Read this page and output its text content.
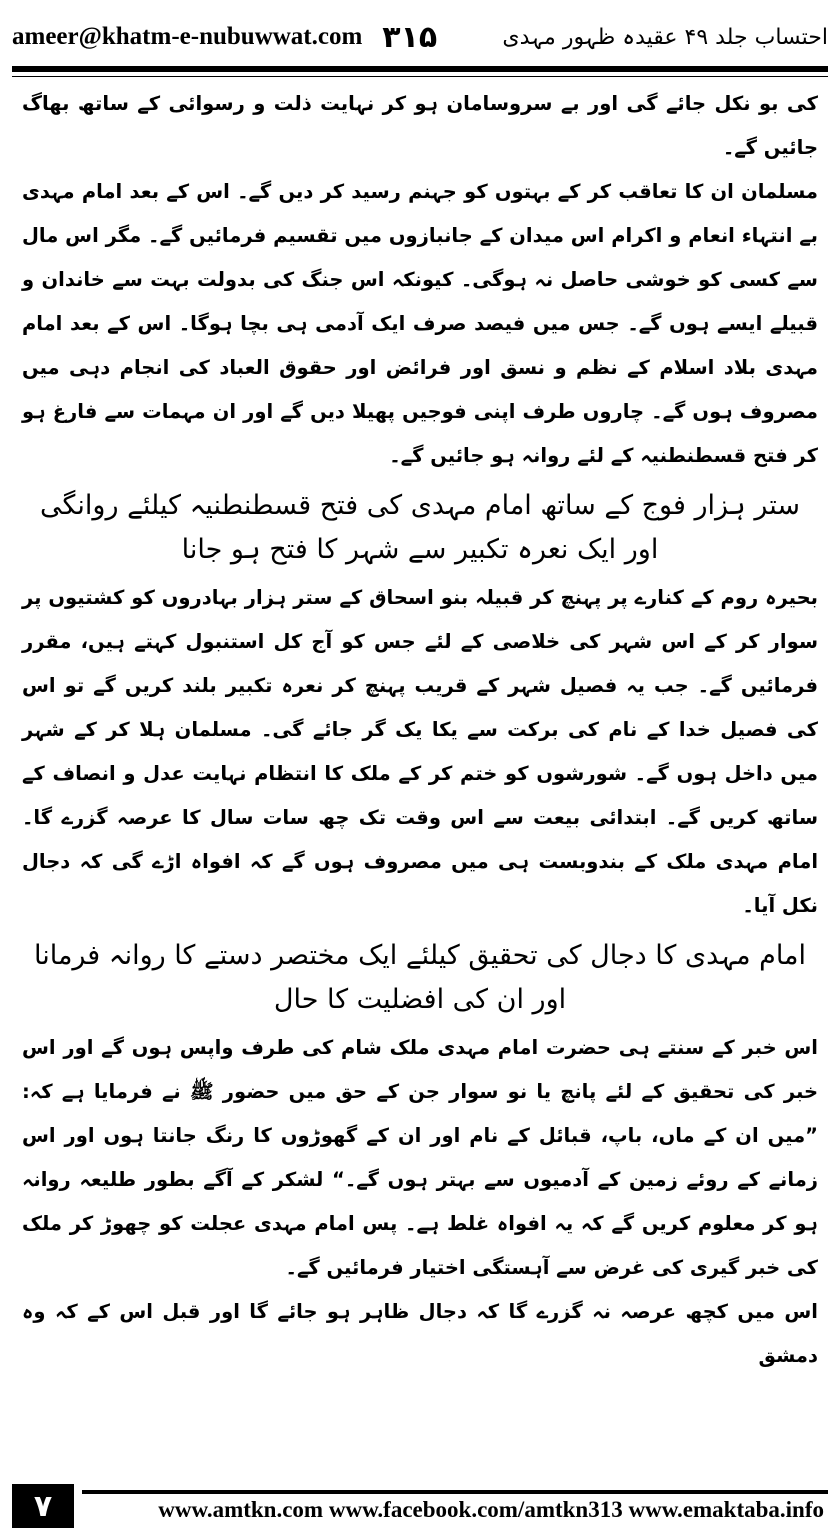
ameer@khatm-e-nubuwwat.com ۳۱۵	احتساب جلد ۴۹ عقیدہ ظہور مہدی

کی بو نکل جائے گی اور بے سروسامان ہو کر نہایت ذلت و رسوائی کے ساتھ بھاگ جائیں گے۔

مسلمان ان کا تعاقب کر کے بہتوں کو جہنم رسید کر دیں گے۔ اس کے بعد امام مہدی بے انتہاء انعام و اکرام اس میدان کے جانبازوں میں تقسیم فرمائیں گے۔ مگر اس مال سے کسی کو خوشی حاصل نہ ہوگی۔ کیونکہ اس جنگ کی بدولت بہت سے خاندان و قبیلے ایسے ہوں گے۔ جس میں فیصد صرف ایک آدمی ہی بچا ہوگا۔ اس کے بعد امام مہدی بلاد اسلام کے نظم و نسق اور فرائض اور حقوق العباد کی انجام دہی میں مصروف ہوں گے۔ چاروں طرف اپنی فوجیں پھیلا دیں گے اور ان مہمات سے فارغ ہو کر فتح قسطنطنیہ کے لئے روانہ ہو جائیں گے۔

ستر ہزار فوج کے ساتھ امام مہدی کی فتح قسطنطنیہ کیلئے روانگی
اور ایک نعرہ تکبیر سے شہر کا فتح ہو جانا

بحیرہ روم کے کنارے پر پہنچ کر قبیلہ بنو اسحاق کے ستر ہزار بہادروں کو کشتیوں پر سوار کر کے اس شہر کی خلاصی کے لئے جس کو آج کل استنبول کہتے ہیں، مقرر فرمائیں گے۔ جب یہ فصیل شہر کے قریب پہنچ کر نعرہ تکبیر بلند کریں گے تو اس کی فصیل خدا کے نام کی برکت سے یکا یک گر جائے گی۔ مسلمان ہلا کر کے شہر میں داخل ہوں گے۔ شورشوں کو ختم کر کے ملک کا انتظام نہایت عدل و انصاف کے ساتھ کریں گے۔ ابتدائی بیعت سے اس وقت تک چھ سات سال کا عرصہ گزرے گا۔ امام مہدی ملک کے بندوبست ہی میں مصروف ہوں گے کہ افواہ اڑے گی کہ دجال نکل آیا۔

امام مہدی کا دجال کی تحقیق کیلئے ایک مختصر دستے کا روانہ فرمانا
اور ان کی افضلیت کا حال

اس خبر کے سنتے ہی حضرت امام مہدی ملک شام کی طرف واپس ہوں گے اور اس خبر کی تحقیق کے لئے پانچ یا نو سوار جن کے حق میں حضور ﷺ نے فرمایا ہے کہ: ”میں ان کے ماں، باپ، قبائل کے نام اور ان کے گھوڑوں کا رنگ جانتا ہوں اور اس زمانے کے روئے زمین کے آدمیوں سے بہتر ہوں گے۔“ لشکر کے آگے بطور طلیعہ روانہ ہو کر معلوم کریں گے کہ یہ افواہ غلط ہے۔ پس امام مہدی عجلت کو چھوڑ کر ملک کی خبر گیری کی غرض سے آہستگی اختیار فرمائیں گے۔

اس میں کچھ عرصہ نہ گزرے گا کہ دجال ظاہر ہو جائے گا اور قبل اس کے کہ وہ دمشق

۷	www.amtkn.com www.facebook.com/amtkn313 www.emaktaba.info
